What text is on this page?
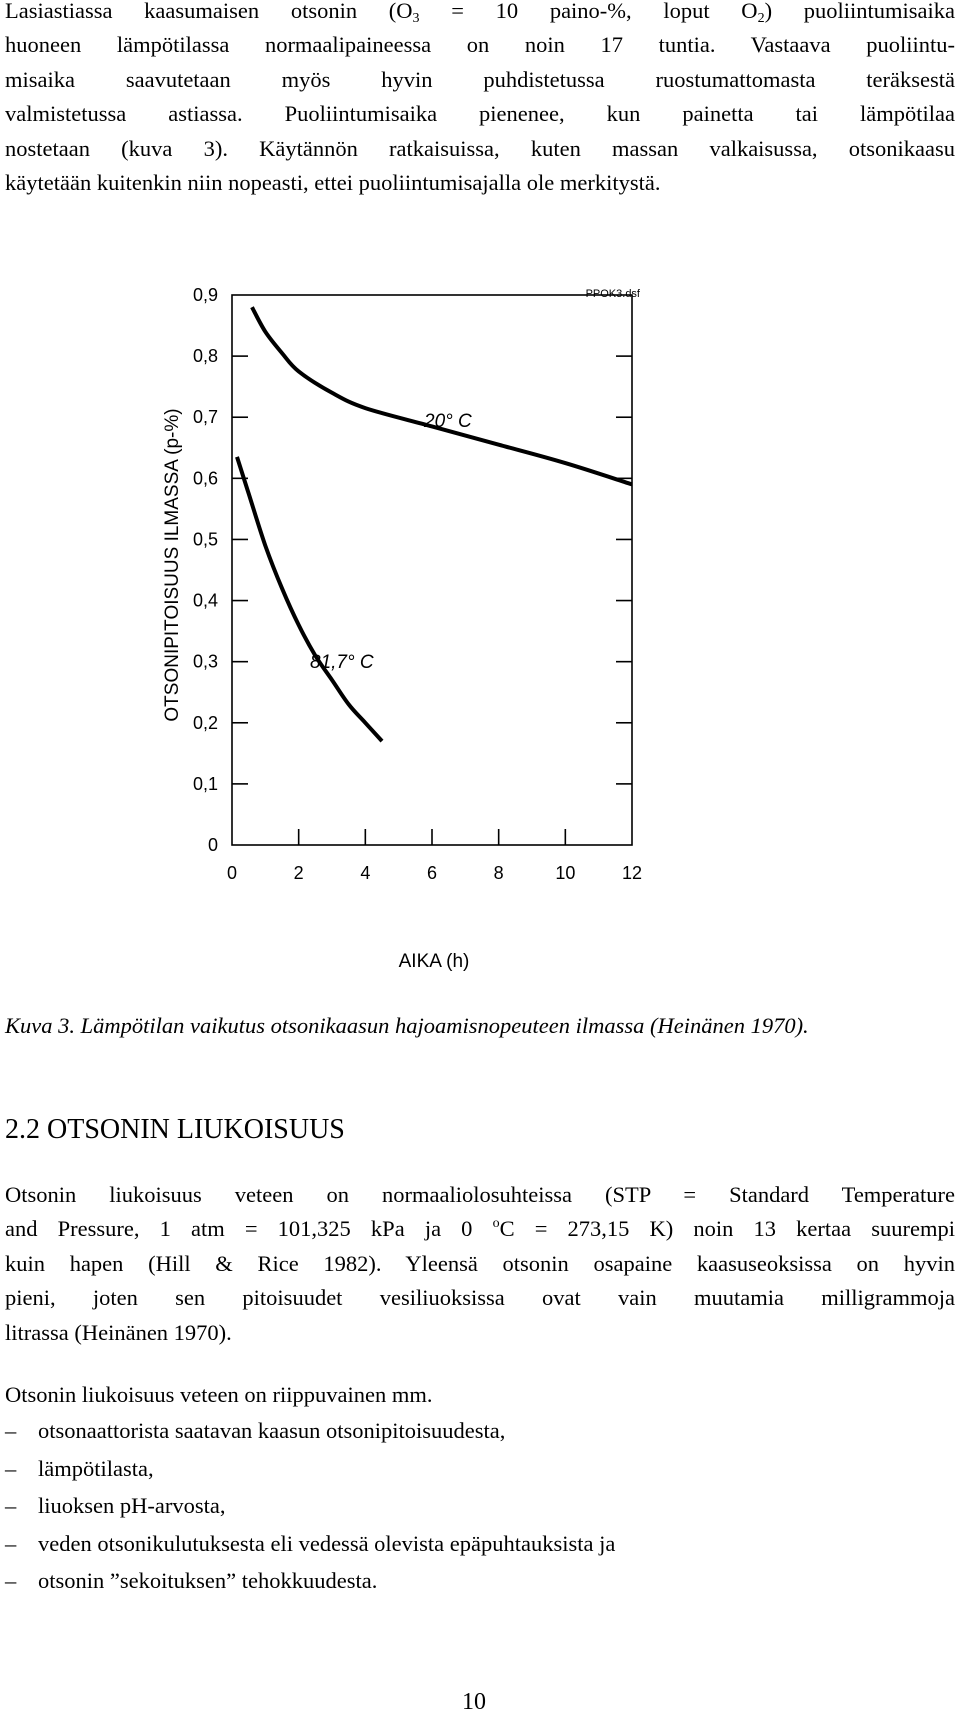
Lasiastiassa kaasumaisen otsonin ($O_3 = 10$ paino-%, loput $O_2$) puoliintumisaika
huoneen lämpötilassa normaalipaineessa on noin 17 tuntia. Vastaava puoliintu-
misaika saavutetaan myös hyvin puhdistetussa ruostumattomasta teräksestä
valmistetussa astiassa. Puoliintumisaika pienenee, kun painetta tai lämpötilaa
nostetaan (kuva 3). Käytännön ratkaisuissa, kuten massan valkaisussa, otsonikaasu
käytetään kuitenkin niin nopeasti, ettei puoliintumisajalla ole merkitystä.
0
0,1
0,2
0,3
0,4
0,5
0,6
0,7
0,8
0,9
0	2	4	6	8	10	12
PPOK3.dsf
AIKA (h)
OTSONIPITOISUUS ILMASSA (p-%)	20° C
81,7° C

Kuva 3. Lämpötilan vaikutus otsonikaasun hajoamisnopeuteen ilmassa (Heinänen 1970).

2.2 OTSONIN LIUKOISUUS
Otsonin liukoisuus veteen on normaaliolosuhteissa (STP = Standard Temperature
and Pressure, 1 atm = 101,325 kPa ja 0 $^o$C = 273,15 K) noin 13 kertaa suurempi
kuin hapen (Hill & Rice 1982). Yleensä otsonin osapaine kaasuseoksissa on hyvin
pieni, joten sen pitoisuudet vesiliuoksissa ovat vain muutamia milligrammoja
litrassa (Heinänen 1970).
Otsonin liukoisuus veteen on riippuvainen mm.
– otsonaattorista saatavan kaasun otsonipitoisuudesta,
– lämpötilasta,
– liuoksen pH-arvosta,
– veden otsonikulutuksesta eli vedessä olevista epäpuhtauksista ja
– otsonin ”sekoituksen” tehokkuudesta.
10
